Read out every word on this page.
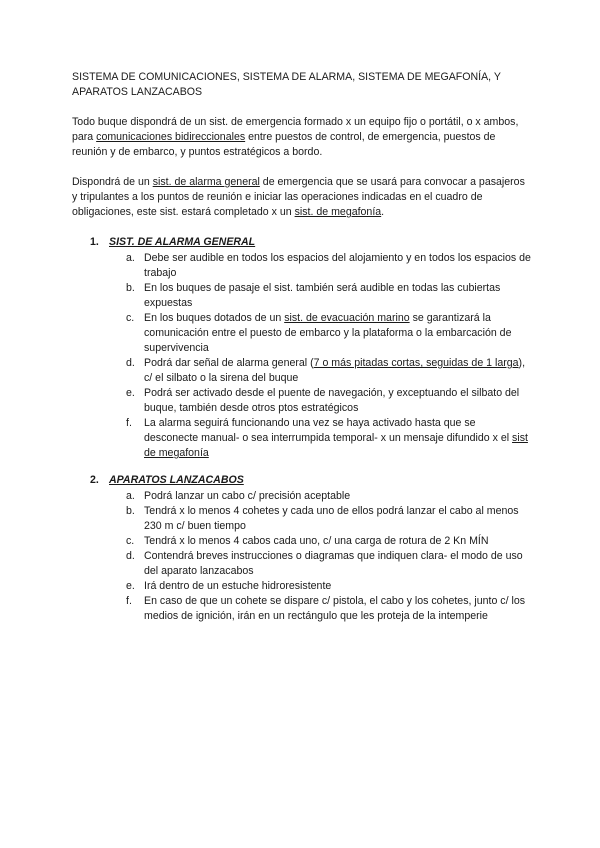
SISTEMA DE COMUNICACIONES, SISTEMA DE ALARMA, SISTEMA DE MEGAFONÍA, Y APARATOS LANZACABOS

Todo buque dispondrá de un sist. de emergencia formado x un equipo fijo o portátil, o x ambos, para comunicaciones bidireccionales entre puestos de control, de emergencia, puestos de reunión y de embarco, y puntos estratégicos a bordo.

Dispondrá de un sist. de alarma general de emergencia que se usará para convocar a pasajeros y tripulantes a los puntos de reunión e iniciar las operaciones indicadas en el cuadro de obligaciones, este sist. estará completado x un sist. de megafonía.

1. SIST. DE ALARMA GENERAL
a. Debe ser audible en todos los espacios del alojamiento y en todos los espacios de trabajo
b. En los buques de pasaje el sist. también será audible en todas las cubiertas expuestas
c. En los buques dotados de un sist. de evacuación marino se garantizará la comunicación entre el puesto de embarco y la plataforma o la embarcación de supervivencia
d. Podrá dar señal de alarma general (7 o más pitadas cortas, seguidas de 1 larga), c/ el silbato o la sirena del buque
e. Podrá ser activado desde el puente de navegación, y exceptuando el silbato del buque, también desde otros ptos estratégicos
f.	La alarma seguirá funcionando una vez se haya activado hasta que se desconecte manual- o sea interrumpida temporal- x un mensaje difundido x el sist de megafonía
2. APARATOS LANZACABOS
a. Podrá lanzar un cabo c/ precisión aceptable
b. Tendrá x lo menos 4 cohetes y cada uno de ellos podrá lanzar el cabo al menos 230 m c/ buen tiempo
c. Tendrá x lo menos 4 cabos cada uno, c/ una carga de rotura de 2 Kn MÍN
d. Contendrá breves instrucciones o diagramas que indiquen clara- el modo de uso del aparato lanzacabos
e. Irá dentro de un estuche hidroresistente
f.	En caso de que un cohete se dispare c/ pistola, el cabo y los cohetes, junto c/ los medios de ignición, irán en un rectángulo que les proteja de la intemperie
